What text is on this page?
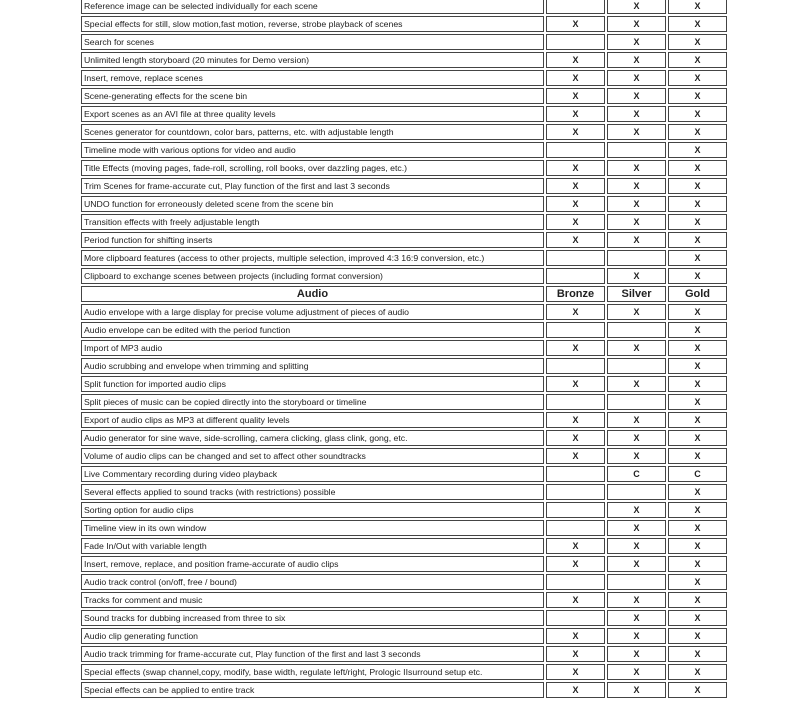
Reference image can be selected individually for each scene		X	X
Special effects for still, slow motion,fast motion, reverse, strobe playback of scenes	X	X	X
Search for scenes		X	X
Unlimited length storyboard (20 minutes for Demo version)	X	X	X
Insert, remove, replace scenes	X	X	X
Scene-generating effects for the scene bin	X	X	X
Export scenes as an AVI file at three quality levels	X	X	X
Scenes generator for countdown, color bars, patterns, etc. with adjustable length	X	X	X
Timeline mode with various options for video and audio			X
Title Effects (moving pages, fade-roll, scrolling, roll books, over dazzling pages, etc.)	X	X	X
Trim Scenes for frame-accurate cut, Play function of the first and last 3 seconds	X	X	X
UNDO function for erroneously deleted scene from the scene bin	X	X	X
Transition effects with freely adjustable length	X	X	X
Period function for shifting inserts	X	X	X
More clipboard features (access to other projects, multiple selection, improved 4:3 16:9 conversion, etc.)			X
Clipboard to exchange scenes between projects (including format conversion)		X	X
Audio	Bronze	Silver	Gold
Audio envelope with a large display for precise volume adjustment of pieces of audio	X	X	X
Audio envelope can be edited with the period function			X
Import of MP3 audio	X	X	X
Audio scrubbing and envelope when trimming and splitting			X
Split function for imported audio clips	X	X	X
Split pieces of music can be copied directly into the storyboard or timeline			X
Export of audio clips as MP3 at different quality levels	X	X	X
Audio generator for sine wave, side-scrolling, camera clicking, glass clink, gong, etc.	X	X	X
Volume of audio clips can be changed and set to affect other soundtracks	X	X	X
Live Commentary recording during video playback		C	C
Several effects applied to sound tracks (with restrictions) possible			X
Sorting option for audio clips		X	X
Timeline view in its own window		X	X
Fade In/Out with variable length	X	X	X
Insert, remove, replace, and position frame-accurate of audio clips	X	X	X
Audio track control (on/off, free / bound)			X
Tracks for comment and music	X	X	X
Sound tracks for dubbing increased from three to six		X	X
Audio clip generating function	X	X	X
Audio track trimming for frame-accurate cut, Play function of the first and last 3 seconds	X	X	X
Special effects (swap channel,copy, modify, base width, regulate left/right, Prologic IIsurround setup etc.	X	X	X
Special effects can be applied to entire track	X	X	X
